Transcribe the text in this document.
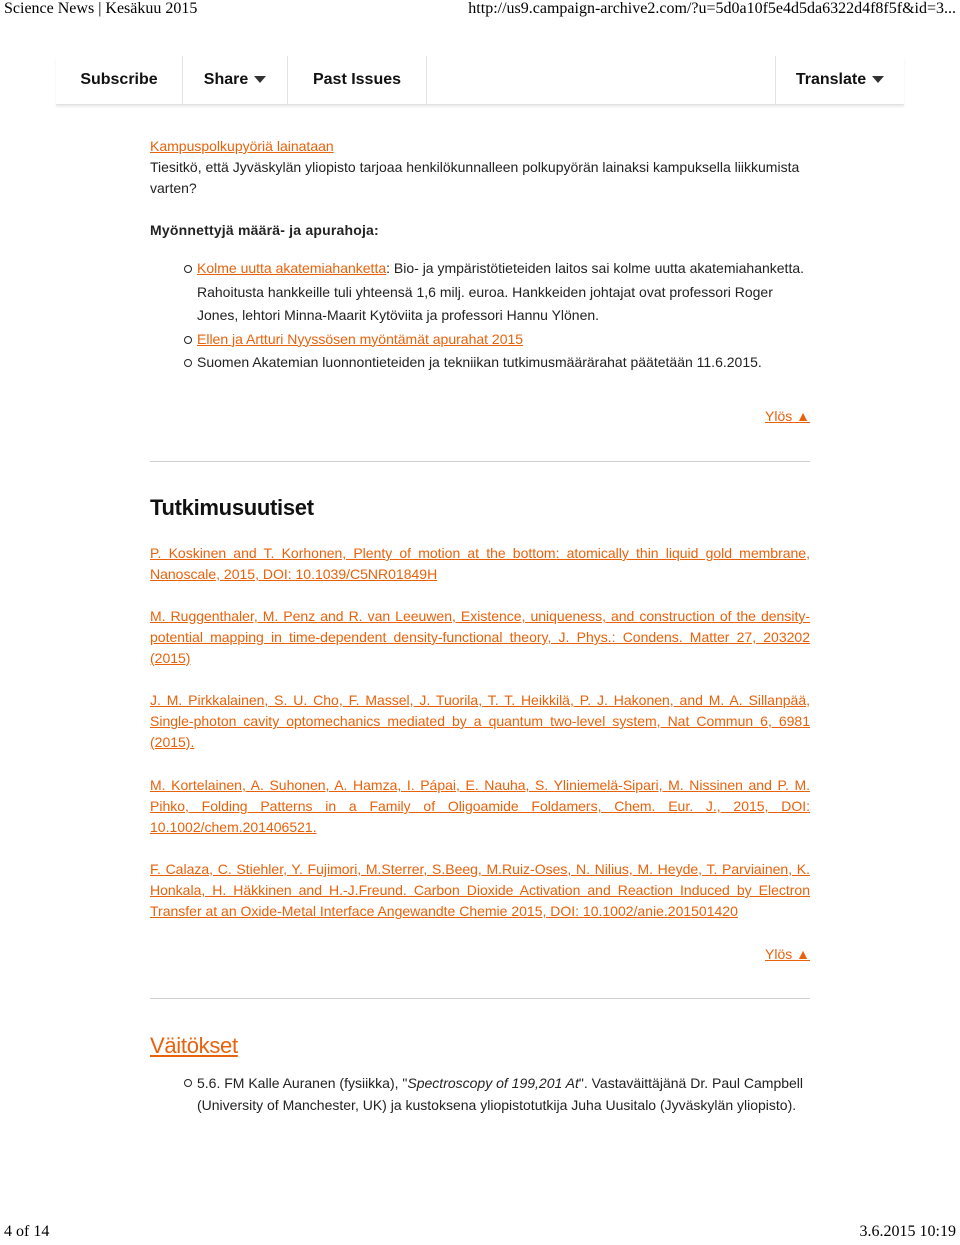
Science News | Kesäkuu 2015	http://us9.campaign-archive2.com/?u=5d0a10f5e4d5da6322d4f8f5f&id=3...
Subscribe	Share	Past Issues	Translate
Kampuspolkupyöriä lainataan
Tiesitkö, että Jyväskylän yliopisto tarjoaa henkilökunnalleen polkupyörän lainaksi kampuksella liikkumista varten?
Myönnettyjä määrä- ja apurahoja:
Kolme uutta akatemiahanketta: Bio- ja ympäristötieteiden laitos sai kolme uutta akatemiahanketta.
Rahoitusta hankkeille tuli yhteensä 1,6 milj. euroa. Hankkeiden johtajat ovat professori Roger
Jones, lehtori Minna-Maarit Kytöviita ja professori Hannu Ylönen.
Ellen ja Artturi Nyyssösen myöntämät apurahat 2015
Suomen Akatemian luonnontieteiden ja tekniikan tutkimusmäärärahat päätetään 11.6.2015.
Ylös ▲
Tutkimusuutiset
P. Koskinen and T. Korhonen, Plenty of motion at the bottom: atomically thin liquid gold membrane, Nanoscale, 2015, DOI: 10.1039/C5NR01849H
M. Ruggenthaler, M. Penz and R. van Leeuwen, Existence, uniqueness, and construction of the density-potential mapping in time-dependent density-functional theory, J. Phys.: Condens. Matter 27, 203202 (2015)
J. M. Pirkkalainen, S. U. Cho, F. Massel, J. Tuorila, T. T. Heikkilä, P. J. Hakonen, and M. A. Sillanpää, Single-photon cavity optomechanics mediated by a quantum two-level system, Nat Commun 6, 6981 (2015).
M. Kortelainen, A. Suhonen, A. Hamza, I. Pápai, E. Nauha, S. Yliniemelä-Sipari, M. Nissinen and P. M. Pihko, Folding Patterns in a Family of Oligoamide Foldamers, Chem. Eur. J., 2015, DOI: 10.1002/chem.201406521.
F. Calaza, C. Stiehler, Y. Fujimori, M.Sterrer, S.Beeg, M.Ruiz-Oses, N. Nilius, M. Heyde, T. Parviainen, K. Honkala, H. Häkkinen and H.-J.Freund. Carbon Dioxide Activation and Reaction Induced by Electron Transfer at an Oxide-Metal Interface Angewandte Chemie 2015, DOI: 10.1002/anie.201501420
Ylös ▲
Väitökset
5.6. FM Kalle Auranen (fysiikka), "Spectroscopy of 199,201 At". Vastaväittäjänä Dr. Paul Campbell (University of Manchester, UK) ja kustoksena yliopistotutkija Juha Uusitalo (Jyväskylän yliopisto).
4 of 14	3.6.2015 10:19
